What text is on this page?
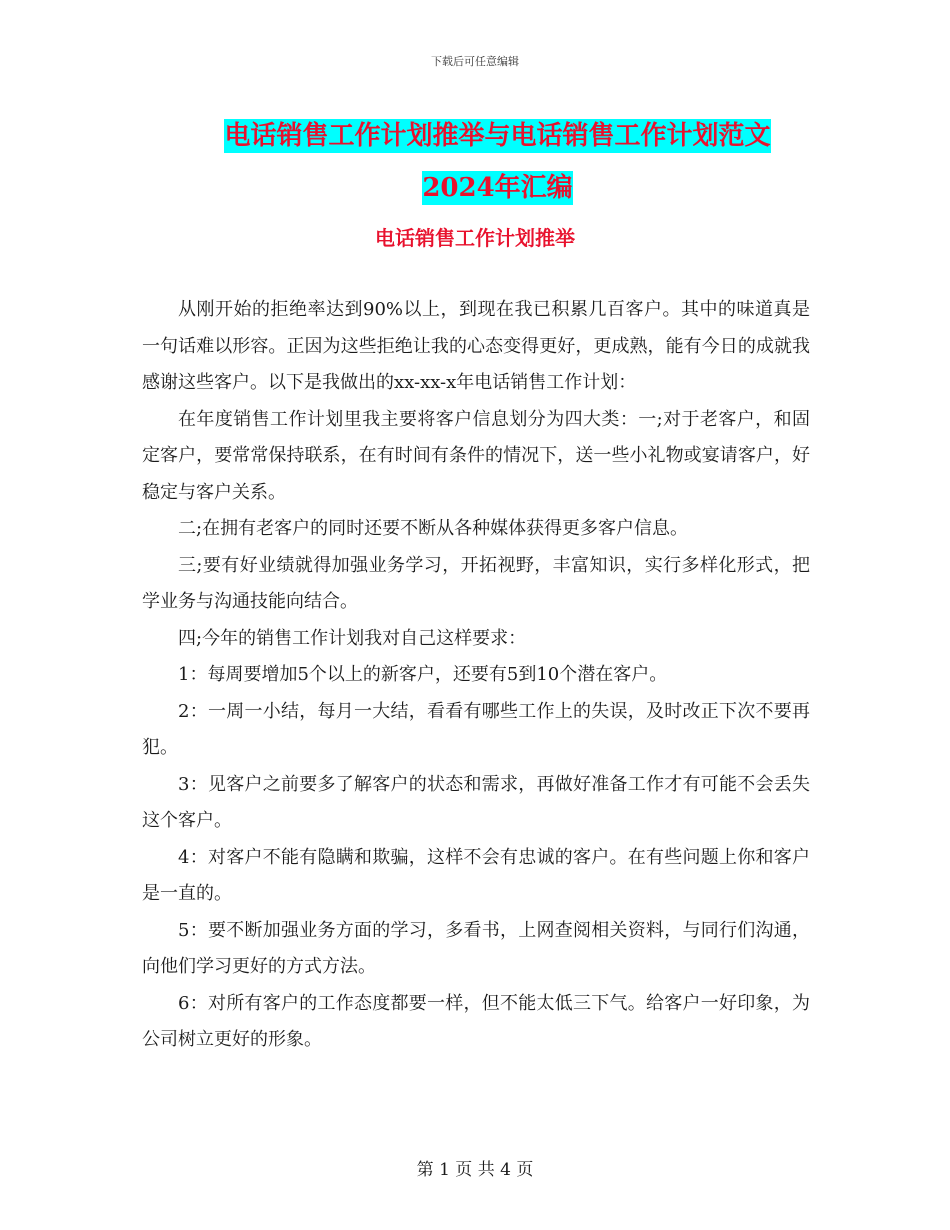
下载后可任意编辑
电话销售工作计划推举与电话销售工作计划范文2024年汇编
电话销售工作计划推举

从刚开始的拒绝率达到90%以上，到现在我已积累几百客户。其中的味道真是一句话难以形容。正因为这些拒绝让我的心态变得更好，更成熟，能有今日的成就我感谢这些客户。以下是我做出的xx-xx-x年电话销售工作计划：

在年度销售工作计划里我主要将客户信息划分为四大类：一;对于老客户，和固定客户，要常常保持联系，在有时间有条件的情况下，送一些小礼物或宴请客户，好稳定与客户关系。

二;在拥有老客户的同时还要不断从各种媒体获得更多客户信息。

三;要有好业绩就得加强业务学习，开拓视野，丰富知识，实行多样化形式，把学业务与沟通技能向结合。

四;今年的销售工作计划我对自己这样要求：

1：每周要增加5个以上的新客户，还要有5到10个潜在客户。

2：一周一小结，每月一大结，看看有哪些工作上的失误，及时改正下次不要再犯。

3：见客户之前要多了解客户的状态和需求，再做好准备工作才有可能不会丢失这个客户。

4：对客户不能有隐瞒和欺骗，这样不会有忠诚的客户。在有些问题上你和客户是一直的。

5：要不断加强业务方面的学习，多看书，上网查阅相关资料，与同行们沟通，向他们学习更好的方式方法。

6：对所有客户的工作态度都要一样，但不能太低三下气。给客户一好印象，为公司树立更好的形象。

第 1 页 共 4 页
